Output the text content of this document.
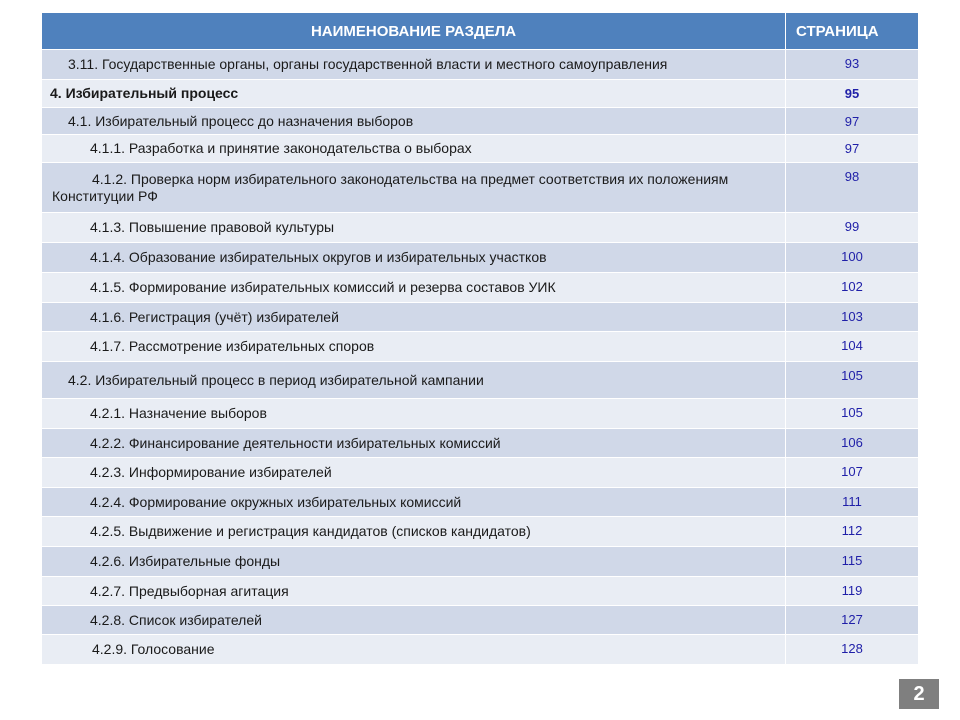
НАИМЕНОВАНИЕ РАЗДЕЛА	СТРАНИЦА
3.11. Государственные органы, органы государственной власти и местного самоуправления	93
4. Избирательный процесс	95
4.1. Избирательный процесс до назначения выборов	97
4.1.1. Разработка и принятие законодательства о выборах	97
4.1.2. Проверка норм избирательного законодательства на предмет соответствия их положениям Конституции РФ	98
4.1.3. Повышение правовой культуры	99
4.1.4. Образование избирательных округов и избирательных участков	100
4.1.5. Формирование избирательных комиссий и резерва составов УИК	102
4.1.6. Регистрация (учёт) избирателей	103
4.1.7. Рассмотрение избирательных споров	104
4.2. Избирательный процесс в период избирательной кампании	105
4.2.1. Назначение выборов	105
4.2.2. Финансирование деятельности избирательных комиссий	106
4.2.3. Информирование избирателей	107
4.2.4. Формирование окружных избирательных комиссий	111
4.2.5. Выдвижение и регистрация кандидатов (списков кандидатов)	112
4.2.6. Избирательные фонды	115
4.2.7. Предвыборная агитация	119
4.2.8. Список избирателей	127
4.2.9. Голосование	128
2
